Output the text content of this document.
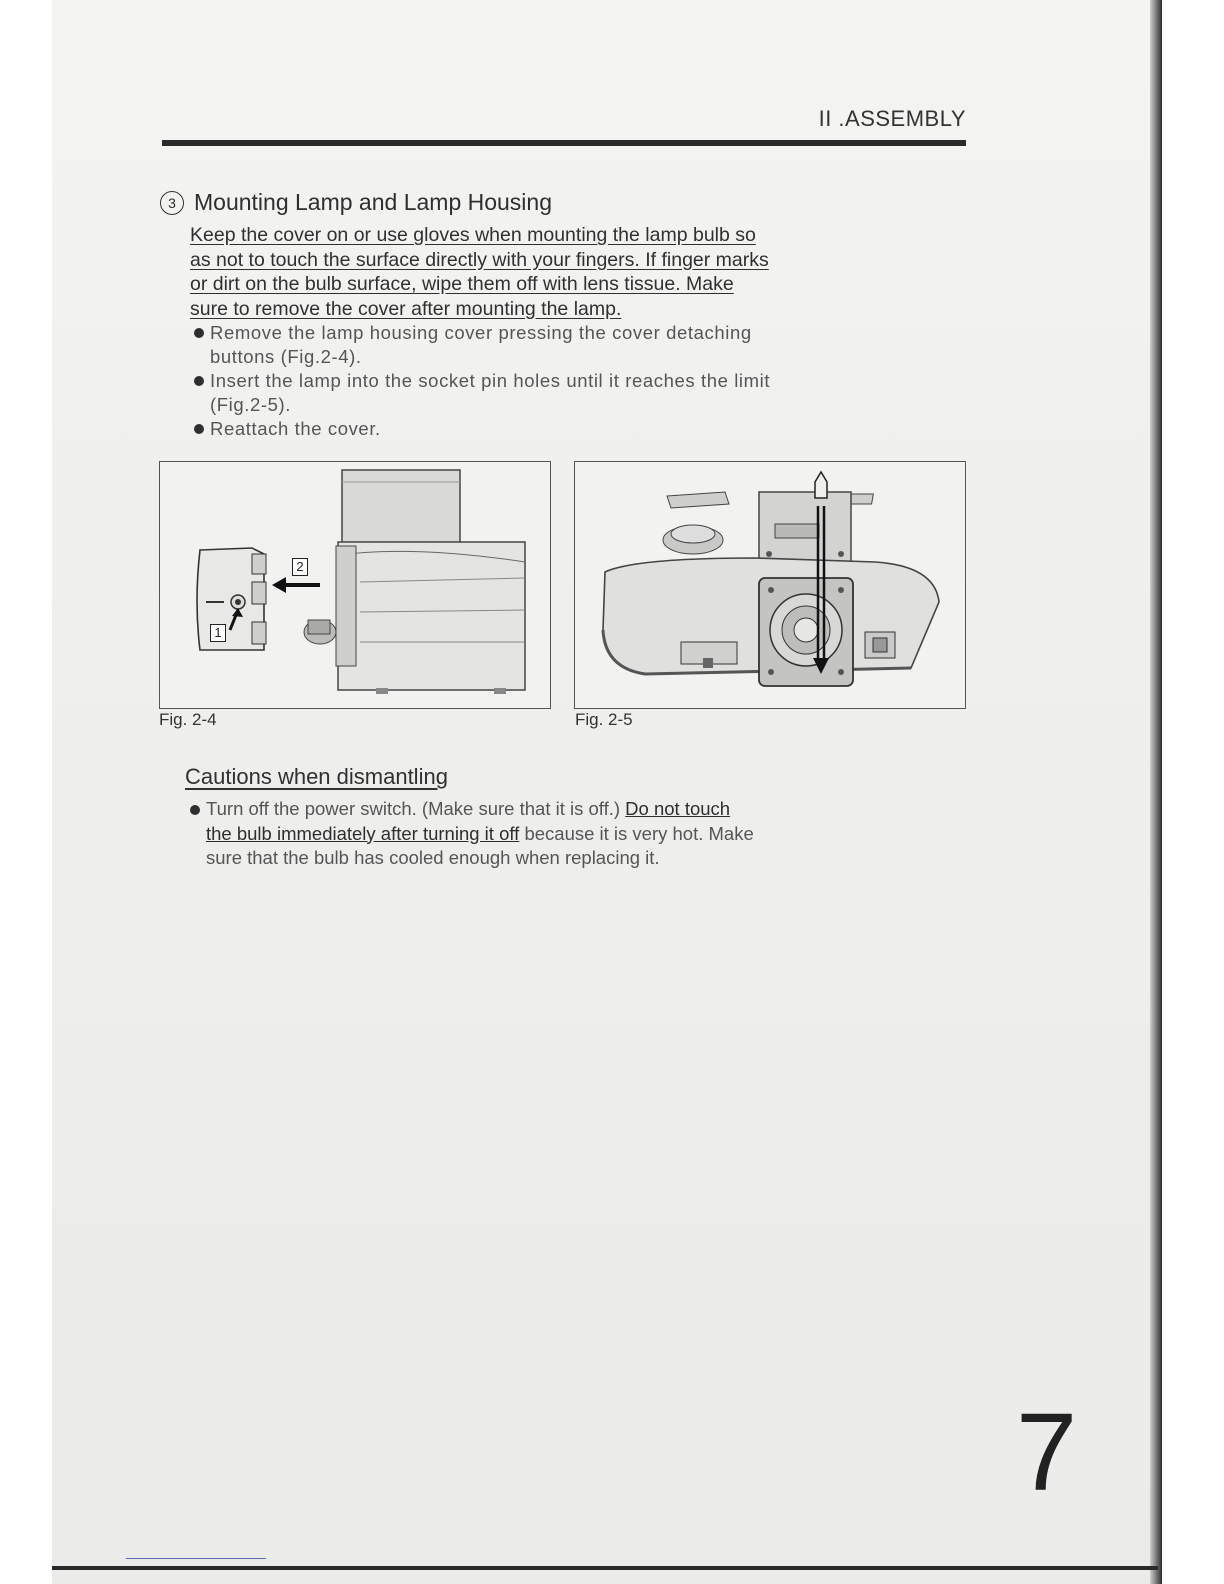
II .ASSEMBLY
3 Mounting Lamp and Lamp Housing
Keep the cover on or use gloves when mounting the lamp bulb so
as not to touch the surface directly with your fingers. If finger marks
or dirt on the bulb surface, wipe them off with lens tissue. Make
sure to remove the cover after mounting the lamp.
Remove the lamp housing cover pressing the cover detaching
buttons (Fig.2-4).
Insert the lamp into the socket pin holes until it reaches the limit
(Fig.2-5).
Reattach the cover.
1
2
Fig. 2-4	Fig. 2-5
Cautions when dismantling
Turn off the power switch. (Make sure that it is off.) Do not touch
the bulb immediately after turning it off because it is very hot. Make
sure that the bulb has cooled enough when replacing it.
7
